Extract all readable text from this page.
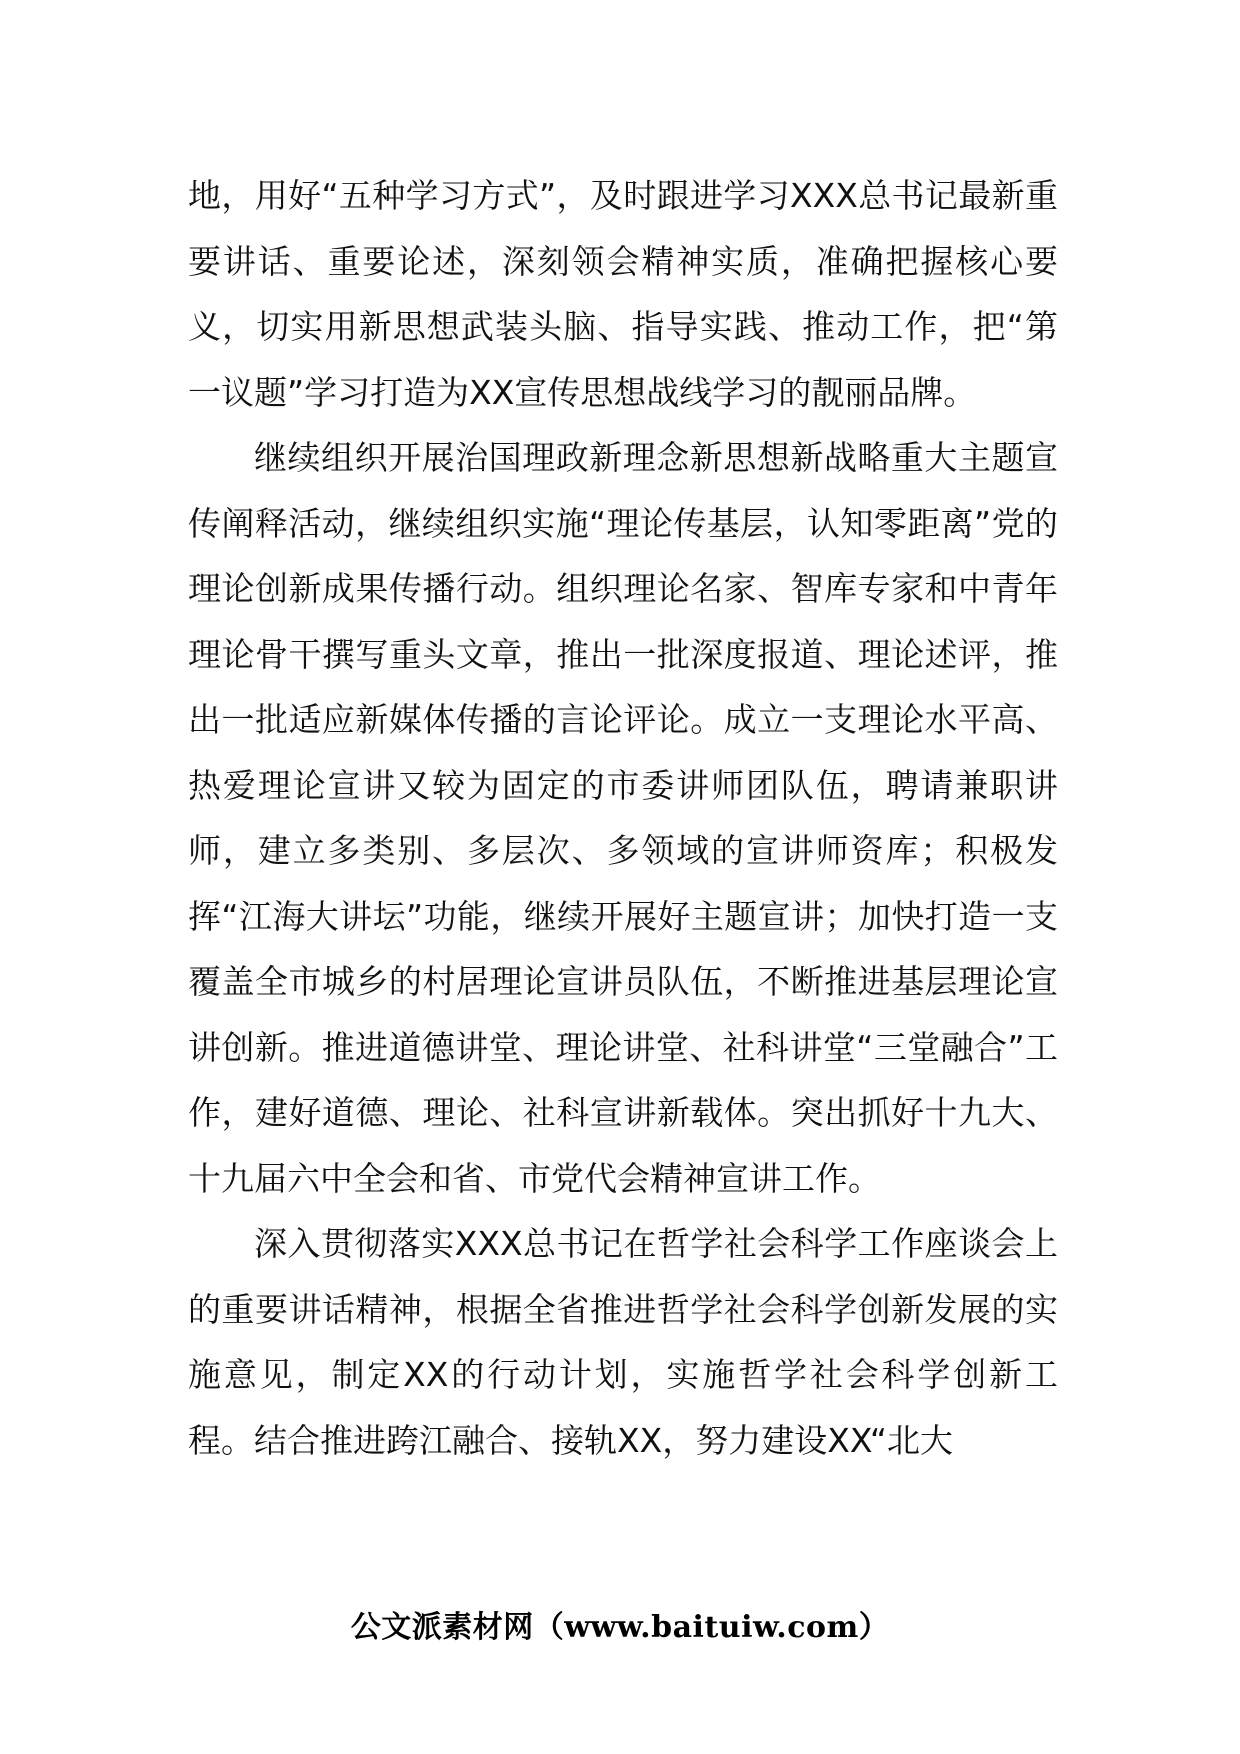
地，用好“五种学习方式”，及时跟进学习XXX总书记最新重要讲话、重要论述，深刻领会精神实质，准确把握核心要义，切实用新思想武装头脑、指导实践、推动工作，把“第一议题”学习打造为XX宣传思想战线学习的靓丽品牌。

继续组织开展治国理政新理念新思想新战略重大主题宣传阐释活动，继续组织实施“理论传基层，认知零距离”党的理论创新成果传播行动。组织理论名家、智库专家和中青年理论骨干撰写重头文章，推出一批深度报道、理论述评，推出一批适应新媒体传播的言论评论。成立一支理论水平高、热爱理论宣讲又较为固定的市委讲师团队伍，聘请兼职讲师，建立多类别、多层次、多领域的宣讲师资库；积极发挥“江海大讲坛”功能，继续开展好主题宣讲；加快打造一支覆盖全市城乡的村居理论宣讲员队伍，不断推进基层理论宣讲创新。推进道德讲堂、理论讲堂、社科讲堂“三堂融合”工作，建好道德、理论、社科宣讲新载体。突出抓好十九大、十九届六中全会和省、市党代会精神宣讲工作。

深入贯彻落实XXX总书记在哲学社会科学工作座谈会上的重要讲话精神，根据全省推进哲学社会科学创新发展的实施意见，制定XX的行动计划，实施哲学社会科学创新工程。结合推进跨江融合、接轨XX，努力建设XX“北大

公文派素材网（www.baituiw.com）
